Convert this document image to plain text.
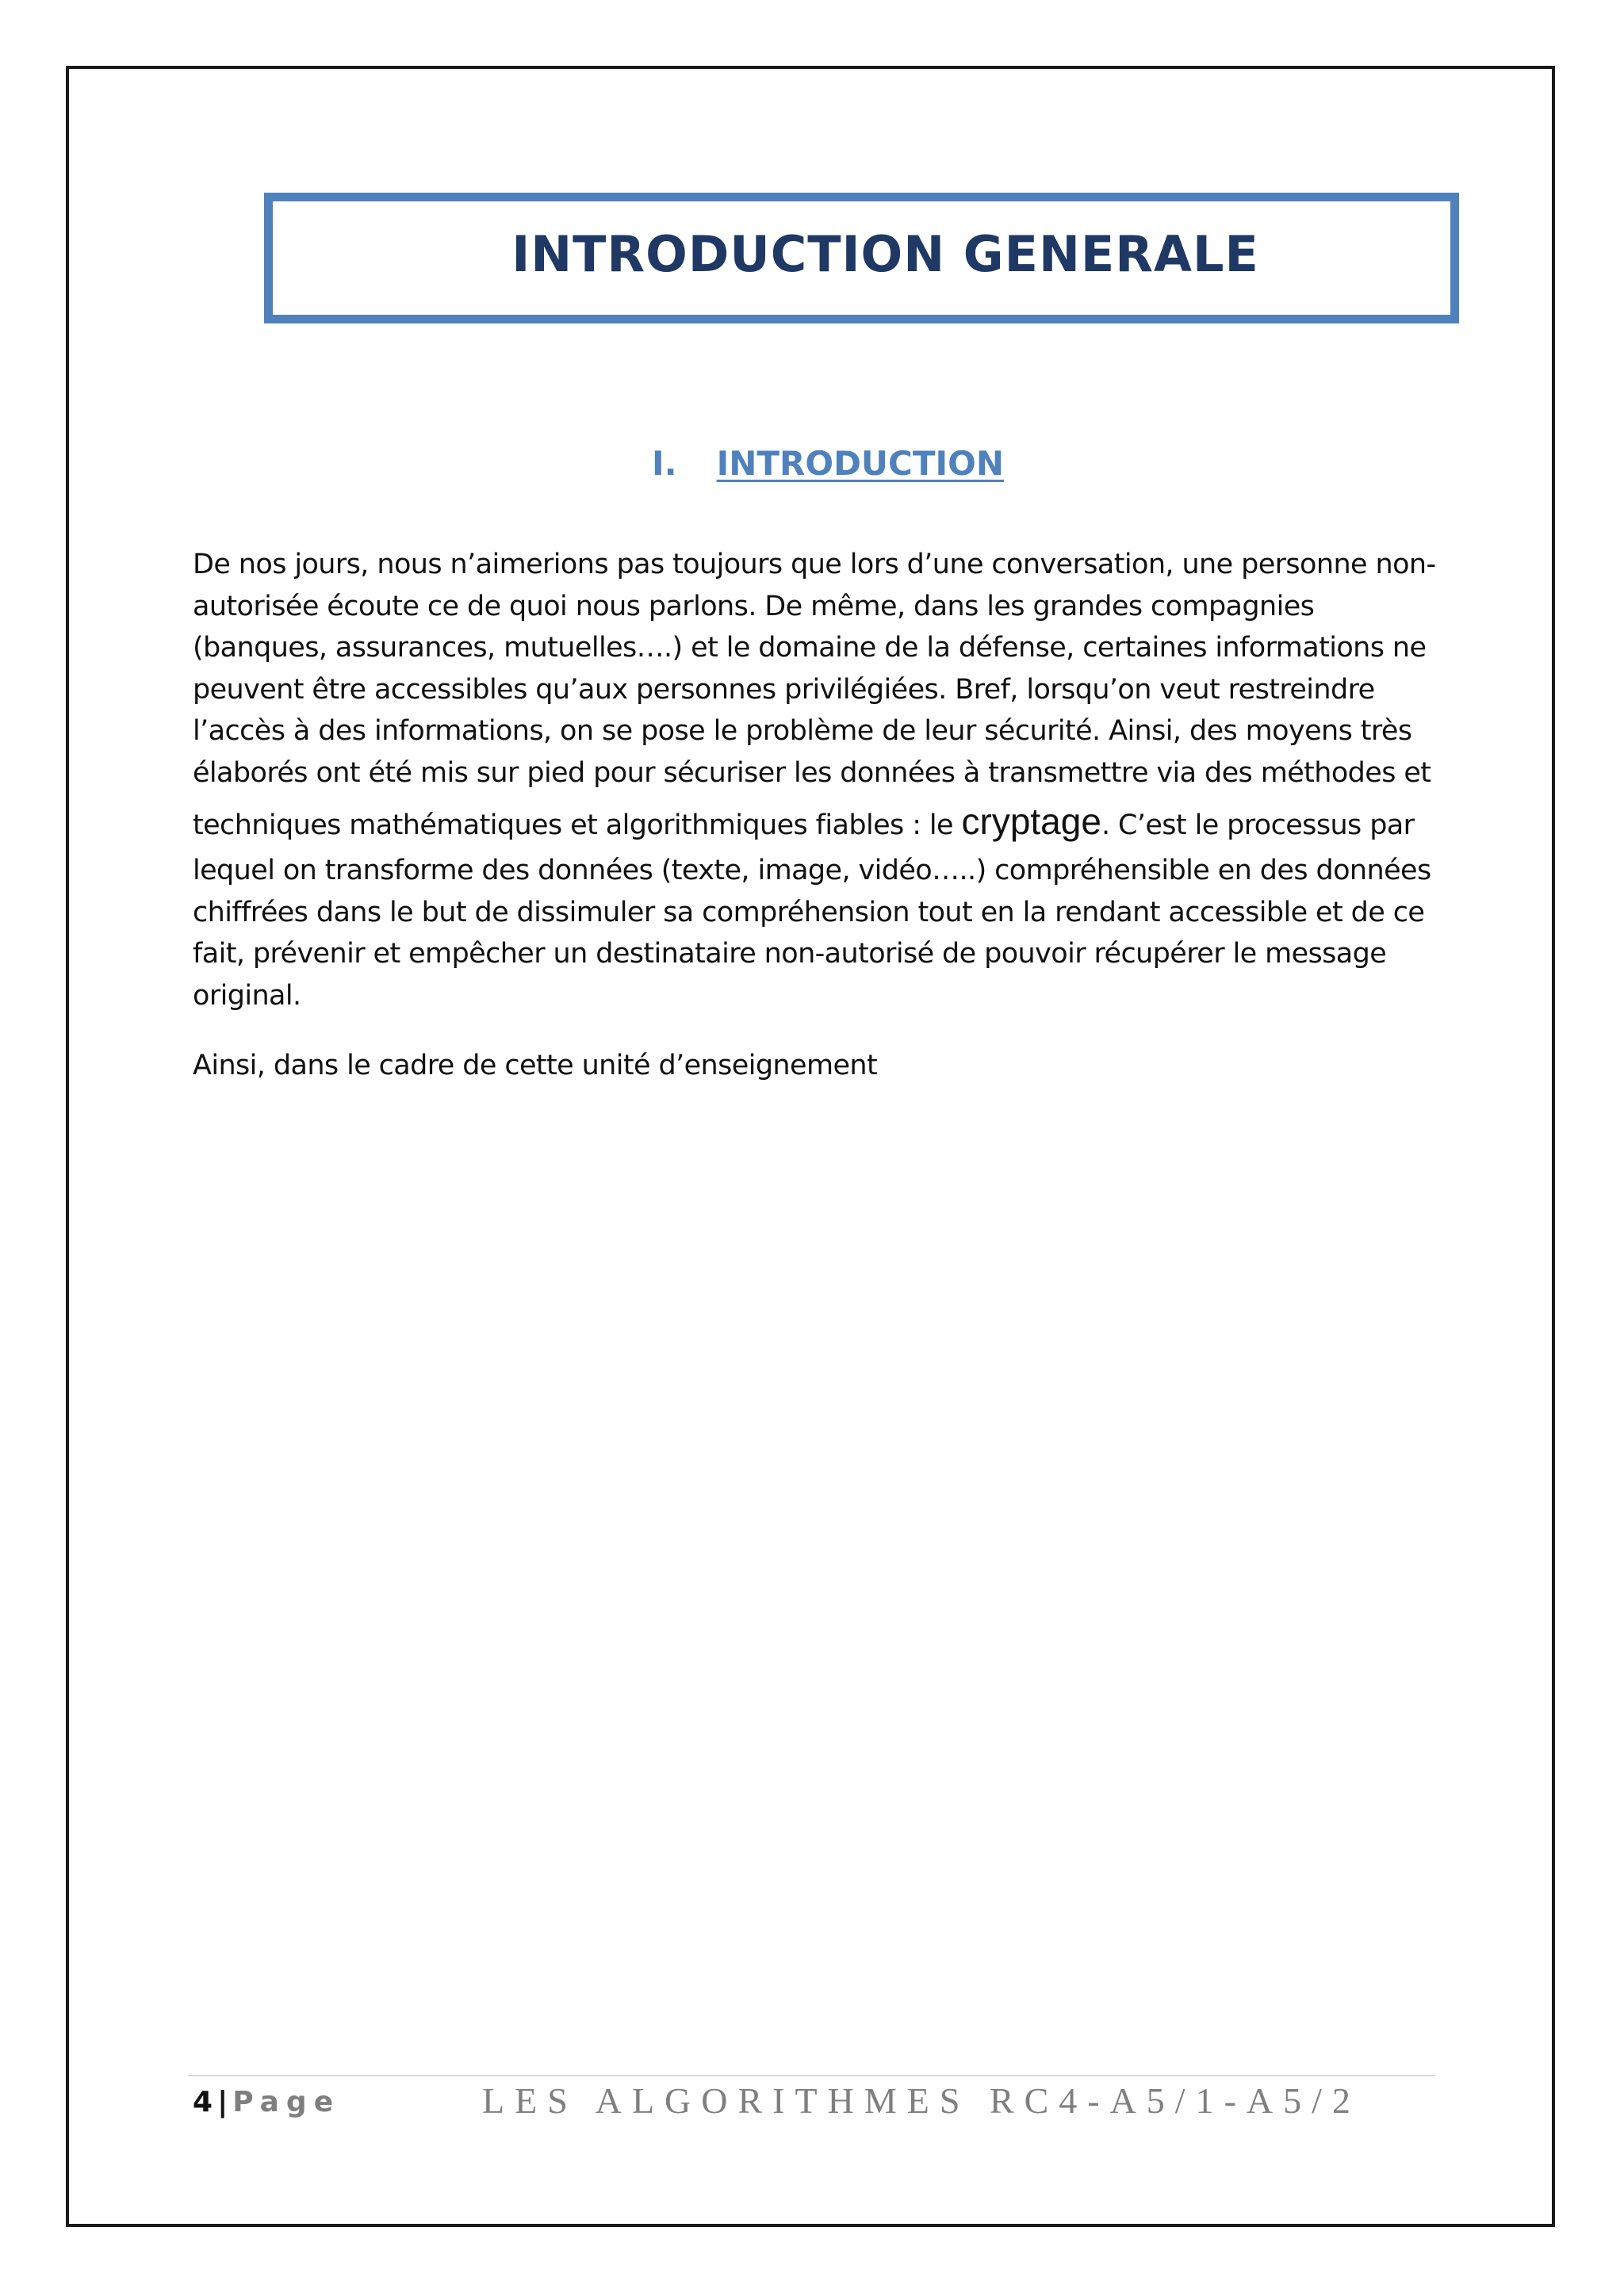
INTRODUCTION GENERALE
I. INTRODUCTION
De nos jours, nous n’aimerions pas toujours que lors d’une conversation, une personne non-
autorisée écoute ce de quoi nous parlons. De même, dans les grandes compagnies
(banques, assurances, mutuelles….) et le domaine de la défense, certaines informations ne
peuvent être accessibles qu’aux personnes privilégiées. Bref, lorsqu’on veut restreindre
l’accès à des informations, on se pose le problème de leur sécurité. Ainsi, des moyens très
élaborés ont été mis sur pied pour sécuriser les données à transmettre via des méthodes et
techniques mathématiques et algorithmiques fiables : le cryptage. C’est le processus par
lequel on transforme des données (texte, image, vidéo…..) compréhensible en des données
chiffrées dans le but de dissimuler sa compréhension tout en la rendant accessible et de ce
fait, prévenir et empêcher un destinataire non-autorisé de pouvoir récupérer le message
original.
Ainsi, dans le cadre de cette unité d’enseignement
4 | Page	LES ALGORITHMES RC4-A5/1-A5/2
